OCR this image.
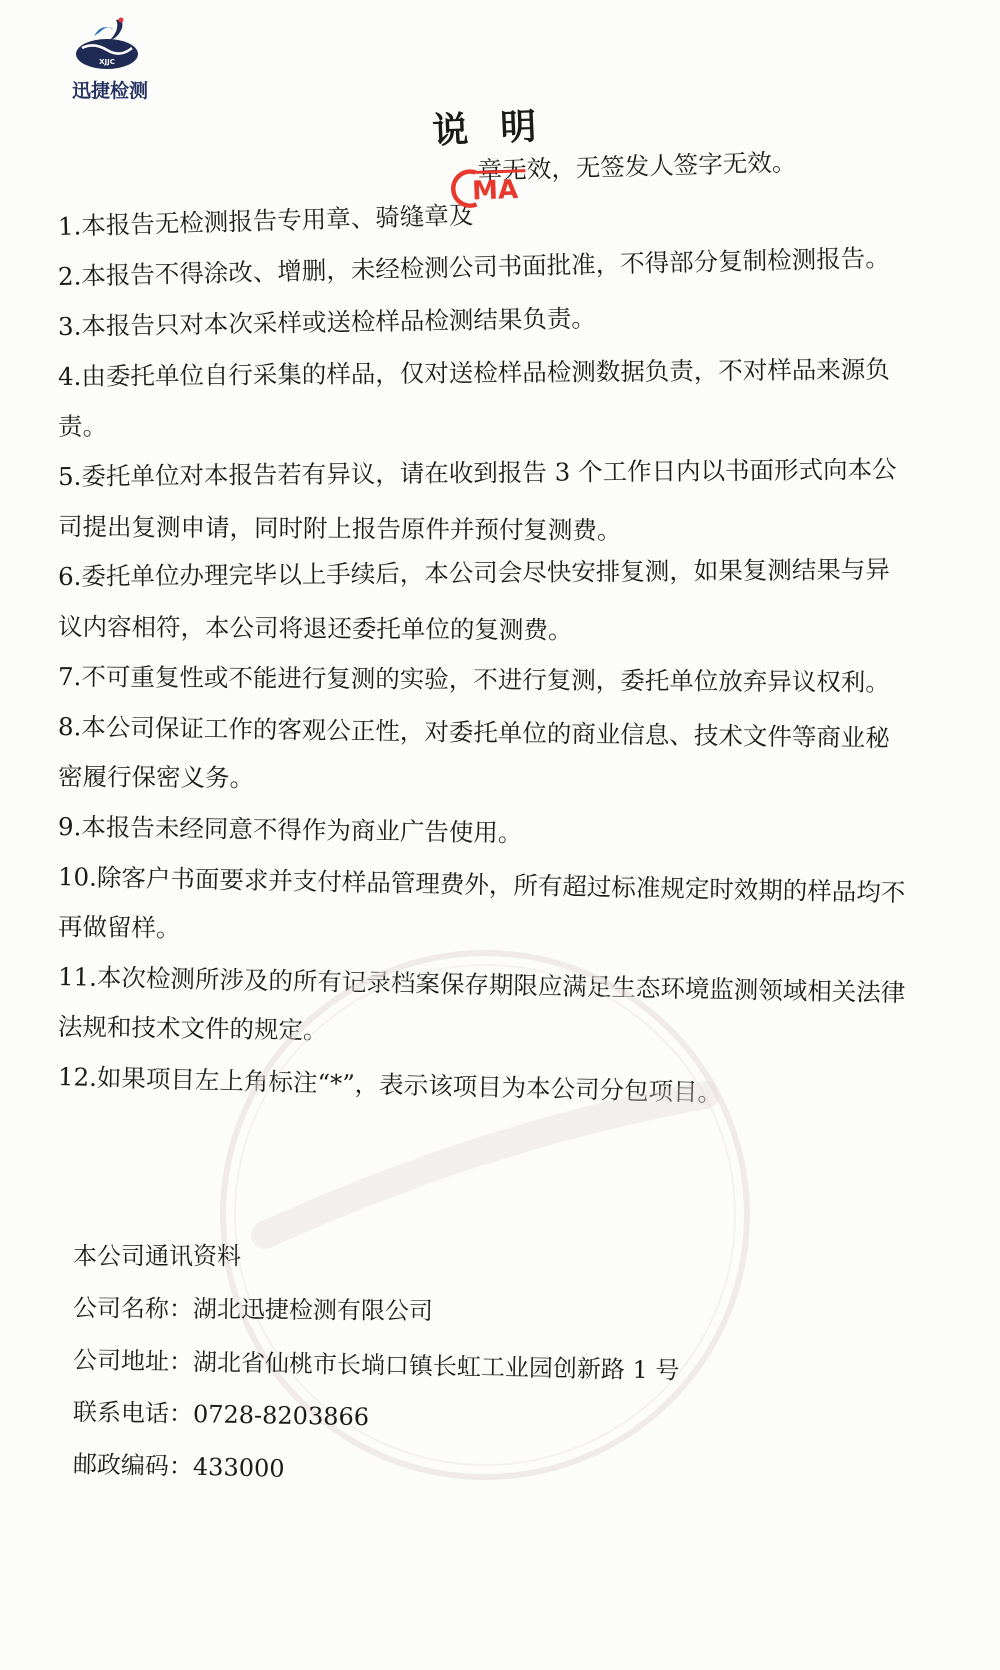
XJJC
迅捷检测
说明
章无效，无签发人签字无效。
1.本报告无检测报告专用章、骑缝章及
2.本报告不得涂改、增删，未经检测公司书面批准，不得部分复制检测报告。
3.本报告只对本次采样或送检样品检测结果负责。
4.由委托单位自行采集的样品，仅对送检样品检测数据负责，不对样品来源负
责。
5.委托单位对本报告若有异议，请在收到报告 3 个工作日内以书面形式向本公
司提出复测申请，同时附上报告原件并预付复测费。
6.委托单位办理完毕以上手续后，本公司会尽快安排复测，如果复测结果与异
议内容相符，本公司将退还委托单位的复测费。
7.不可重复性或不能进行复测的实验，不进行复测，委托单位放弃异议权利。
8.本公司保证工作的客观公正性，对委托单位的商业信息、技术文件等商业秘
密履行保密义务。
9.本报告未经同意不得作为商业广告使用。
10.除客户书面要求并支付样品管理费外，所有超过标准规定时效期的样品均不
再做留样。
11.本次检测所涉及的所有记录档案保存期限应满足生态环境监测领域相关法律
法规和技术文件的规定。
12.如果项目左上角标注“*”，表示该项目为本公司分包项目。
MA
本公司通讯资料
公司名称：湖北迅捷检测有限公司
公司地址：湖北省仙桃市长埫口镇长虹工业园创新路 1 号
联系电话：0728-8203866
邮政编码：433000
